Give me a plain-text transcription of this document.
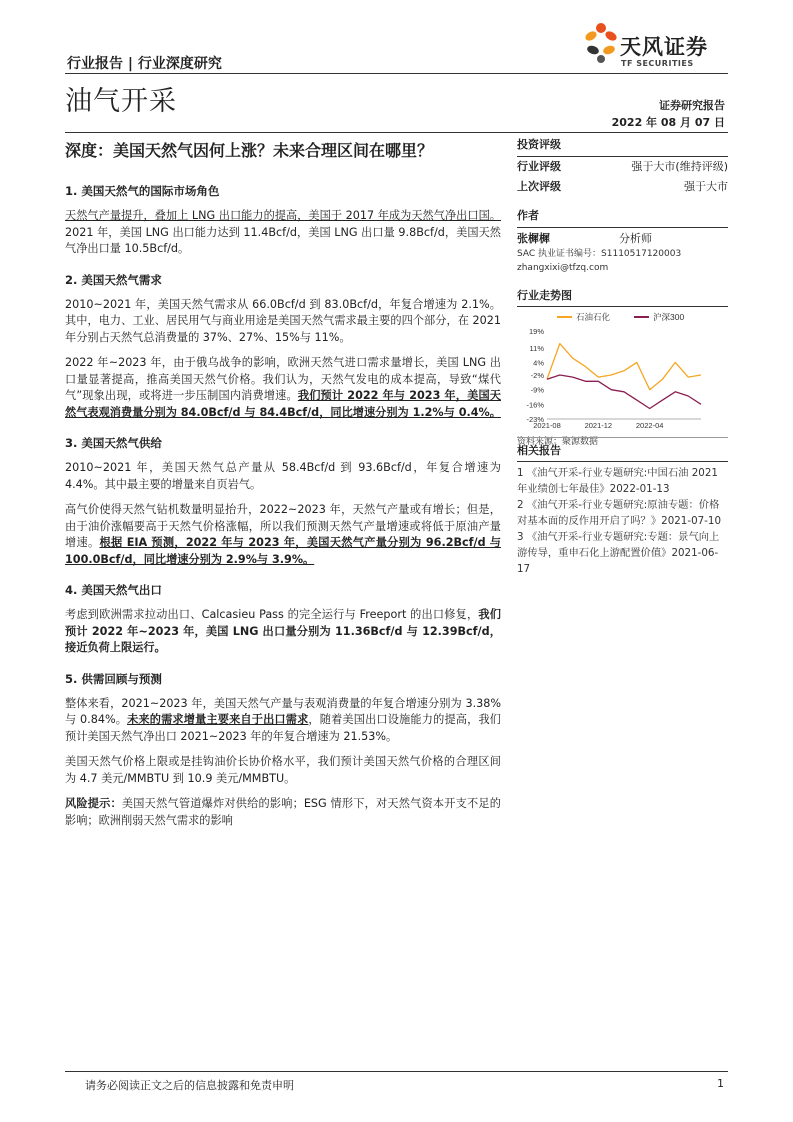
行业报告 | 行业深度研究
油气开采
天风证券
TF SECURITIES
证券研究报告
2022 年 08 月 07 日
深度：美国天然气因何上涨？未来合理区间在哪里？
1. 美国天然气的国际市场角色

天然气产量提升，叠加上 LNG 出口能力的提高，美国于 2017 年成为天然气净出口国。2021 年，美国 LNG 出口能力达到 11.4Bcf/d，美国 LNG 出口量 9.8Bcf/d，美国天然气净出口量 10.5Bcf/d。

2. 美国天然气需求

2010~2021 年，美国天然气需求从 66.0Bcf/d 到 83.0Bcf/d，年复合增速为 2.1%。其中，电力、工业、居民用气与商业用途是美国天然气需求最主要的四个部分，在 2021 年分别占天然气总消费量的 37%、27%、15%与 11%。

2022 年~2023 年，由于俄乌战争的影响，欧洲天然气进口需求量增长，美国 LNG 出口量显著提高，推高美国天然气价格。我们认为，天然气发电的成本提高，导致“煤代气”现象出现，或将进一步压制国内消费增速。我们预计 2022 年与 2023 年，美国天然气表观消费量分别为 84.0Bcf/d 与 84.4Bcf/d，同比增速分别为 1.2%与 0.4%。

3. 美国天然气供给

2010~2021 年，美国天然气总产量从 58.4Bcf/d 到 93.6Bcf/d，年复合增速为 4.4%。其中最主要的增量来自页岩气。

高气价使得天然气钻机数量明显抬升，2022~2023 年，天然气产量或有增长；但是，由于油价涨幅要高于天然气价格涨幅，所以我们预测天然气产量增速或将低于原油产量增速。根据 EIA 预测，2022 年与 2023 年，美国天然气产量分别为 96.2Bcf/d 与 100.0Bcf/d，同比增速分别为 2.9%与 3.9%。

4. 美国天然气出口

考虑到欧洲需求拉动出口、Calcasieu Pass 的完全运行与 Freeport 的出口修复，我们预计 2022 年~2023 年，美国 LNG 出口量分别为 11.36Bcf/d 与 12.39Bcf/d，接近负荷上限运行。

5. 供需回顾与预测

整体来看，2021~2023 年，美国天然气产量与表观消费量的年复合增速分别为 3.38%与 0.84%。未来的需求增量主要来自于出口需求，随着美国出口设施能力的提高，我们预计美国天然气净出口 2021~2023 年的年复合增速为 21.53%。

美国天然气价格上限或是挂钩油价长协价格水平，我们预计美国天然气价格的合理区间为 4.7 美元/MMBTU 到 10.9 美元/MMBTU。

风险提示：美国天然气管道爆炸对供给的影响；ESG 情形下，对天然气资本开支不足的影响；欧洲削弱天然气需求的影响

投资评级
行业评级	强于大市(维持评级)
上次评级	强于大市
作者
张樨樨	分析师
SAC 执业证书编号：S1110517120003
zhangxixi@tfzq.com
行业走势图
石油石化	沪深300
19%
11%
4%
-2%
-9%
-16%
-23%
2021-08	2021-12	2022-04
资料来源：聚源数据
相关报告
1 《油气开采-行业专题研究:中国石油 2021 年业绩创七年最佳》2022-01-13
2 《油气开采-行业专题研究:原油专题：价格对基本面的反作用开启了吗？》2021-07-10
3 《油气开采-行业专题研究:专题：景气向上游传导，重申石化上游配置价值》2021-06-17
请务必阅读正文之后的信息披露和免责申明	1
